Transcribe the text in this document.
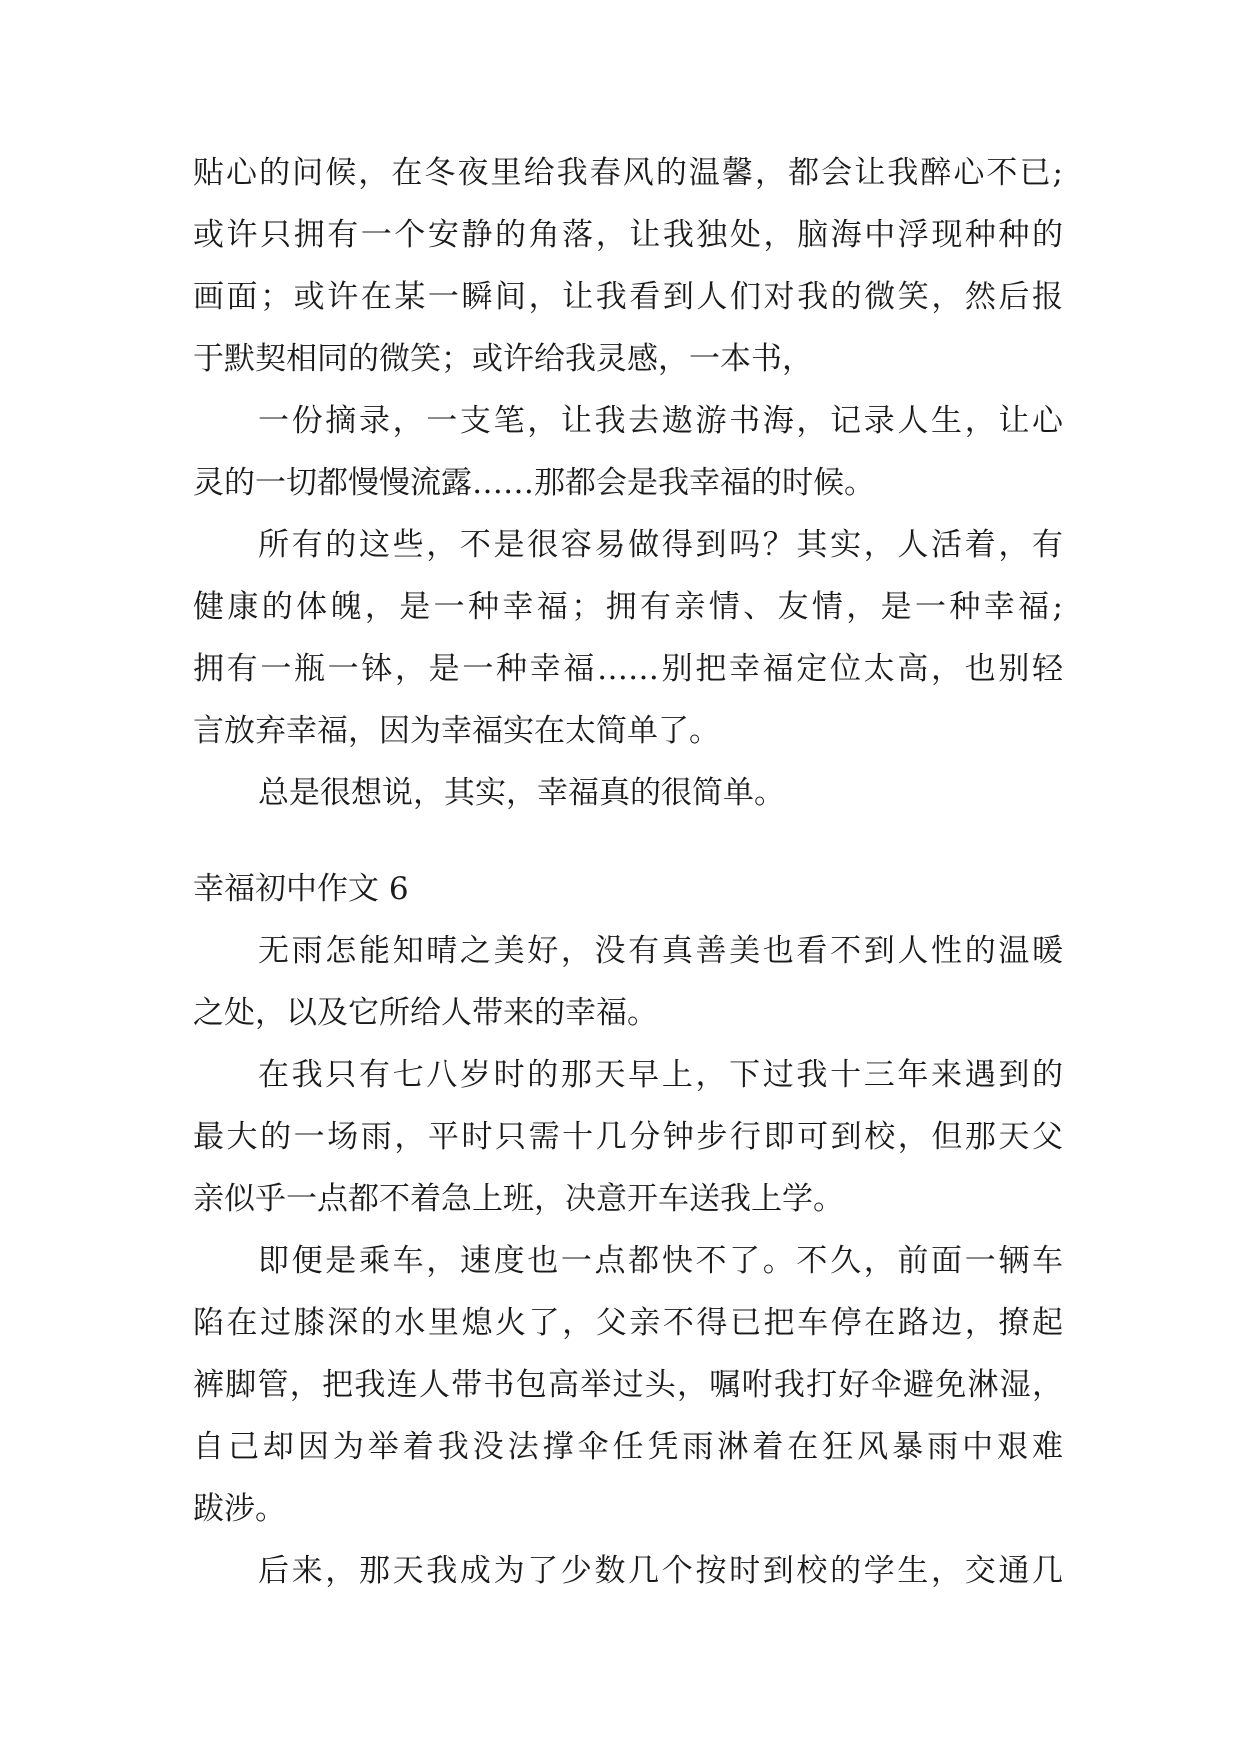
贴心的问候，在冬夜里给我春风的温馨，都会让我醉心不已;
或许只拥有一个安静的角落，让我独处，脑海中浮现种种的
画面；或许在某一瞬间，让我看到人们对我的微笑，然后报
于默契相同的微笑；或许给我灵感，一本书，
一份摘录，一支笔，让我去遨游书海，记录人生，让心
灵的一切都慢慢流露……那都会是我幸福的时候。
所有的这些，不是很容易做得到吗？其实，人活着，有
健康的体魄，是一种幸福；拥有亲情、友情，是一种幸福;
拥有一瓶一钵，是一种幸福……别把幸福定位太高，也别轻
言放弃幸福，因为幸福实在太简单了。
总是很想说，其实，幸福真的很简单。
幸福初中作文 6
无雨怎能知晴之美好，没有真善美也看不到人性的温暖
之处，以及它所给人带来的幸福。
在我只有七八岁时的那天早上，下过我十三年来遇到的
最大的一场雨，平时只需十几分钟步行即可到校，但那天父
亲似乎一点都不着急上班，决意开车送我上学。
即便是乘车，速度也一点都快不了。不久，前面一辆车
陷在过膝深的水里熄火了，父亲不得已把车停在路边，撩起
裤脚管，把我连人带书包高举过头，嘱咐我打好伞避免淋湿，
自己却因为举着我没法撑伞任凭雨淋着在狂风暴雨中艰难
跋涉。
后来，那天我成为了少数几个按时到校的学生，交通几
